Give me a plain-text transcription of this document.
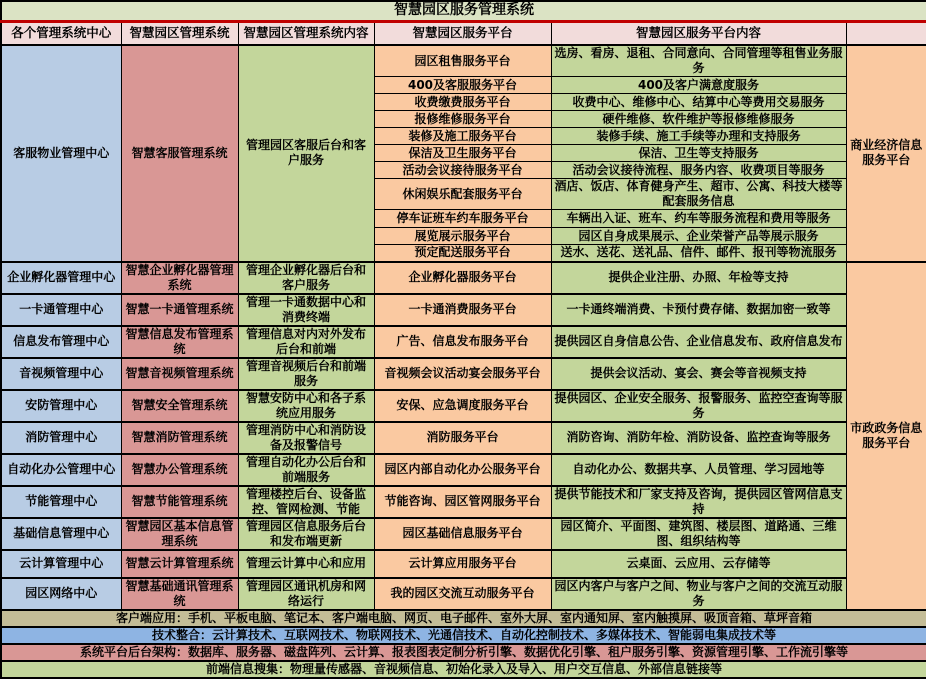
智慧园区服务管理系统					
各个管理系统中心	智慧园区管理系统	智慧园区管理系统内容	智慧园区服务平台	智慧园区服务平台内容	
客服物业管理中心	智慧客服管理系统	管理园区客服后台和客户服务	园区租售服务平台	选房、看房、退租、合同意向、合同管理等租售业务服务	商业经济信息服务平台
			400及客服服务平台	400及客户满意度服务	
			收费缴费服务平台	收费中心、维修中心、结算中心等费用交易服务	
			报修维修服务平台	硬件维修、软件维护等报修维修服务	
			装修及施工服务平台	装修手续、施工手续等办理和支持服务	
			保洁及卫生服务平台	保洁、卫生等支持服务	
			活动会议接待服务平台	活动会议接待流程、服务内容、收费项目等服务	
			休闲娱乐配套服务平台	酒店、饭店、体育健身产生、超市、公寓、科技大楼等配套服务信息	
			停车证班车约车服务平台	车辆出入证、班车、约车等服务流程和费用等服务	
			展览展示服务平台	园区自身成果展示、企业荣誉产品等展示服务	
			预定配送服务平台	送水、送花、送礼品、信件、邮件、报刊等物流服务	
企业孵化器管理中心	智慧企业孵化器管理系统	管理企业孵化器后台和客户服务	企业孵化器服务平台	提供企业注册、办照、年检等支持	市政政务信息服务平台
一卡通管理中心	智慧一卡通管理系统	管理一卡通数据中心和消费终端	一卡通消费服务平台	一卡通终端消费、卡预付费存储、数据加密一致等	
信息发布管理中心	智慧信息发布管理系统	管理信息对内对外发布后台和前端	广告、信息发布服务平台	提供园区自身信息公告、企业信息发布、政府信息发布	
音视频管理中心	智慧音视频管理系统	管理音视频后台和前端服务	音视频会议活动宴会服务平台	提供会议活动、宴会、赛会等音视频支持	
安防管理中心	智慧安全管理系统	智慧安防中心和各子系统应用服务	安保、应急调度服务平台	提供园区、企业安全服务、报警服务、监控空查询等服务	
消防管理中心	智慧消防管理系统	管理消防中心和消防设备及报警信号	消防服务平台	消防咨询、消防年检、消防设备、监控查询等服务	
自动化办公管理中心	智慧办公管理系统	管理自动化办公后台和前端服务	园区内部自动化办公服务平台	自动化办公、数据共享、人员管理、学习园地等	
节能管理中心	智慧节能管理系统	管理楼控后台、设备监控、管网检测、节能	节能咨询、园区管网服务平台	提供节能技术和厂家支持及咨询，提供园区管网信息支持	
基础信息管理中心	智慧园区基本信息管理系统	管理园区信息服务后台和发布端更新	园区基础信息服务平台	园区简介、平面图、建筑图、楼层图、道路通、三维图、组织结构等	
云计算管理中心	智慧云计算管理系统	管理云计算中心和应用	云计算应用服务平台	云桌面、云应用、云存储等	
园区网络中心	智慧基础通讯管理系统	管理园区通讯机房和网络运行	我的园区交流互动服务平台	园区内客户与客户之间、物业与客户之间的交流互动服务	
客户端应用：手机、平板电脑、笔记本、客户端电脑、网页、电子邮件、室外大屏、室内通知屏、室内触摸屏、吸顶音箱、草坪音箱					
技术整合：云计算技术、互联网技术、物联网技术、光通信技术、自动化控制技术、多媒体技术、智能弱电集成技术等					
系统平台后台架构：数据库、服务器、磁盘阵列、云计算、报表图表定制分析引擎、数据优化引擎、租户服务引擎、资源管理引擎、工作流引擎等					
前端信息搜集：物理量传感器、音视频信息、初始化录入及导入、用户交互信息、外部信息链接等					
